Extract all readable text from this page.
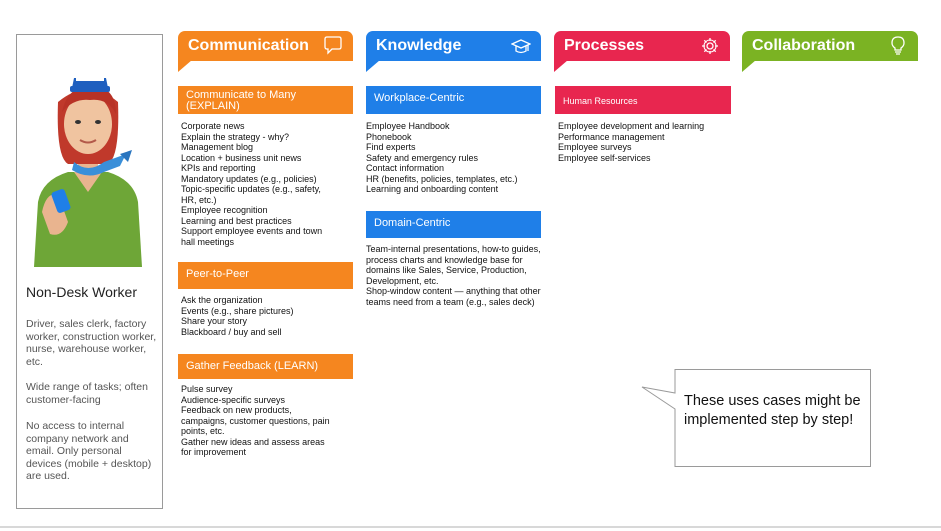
Non-Desk Worker
Driver, sales clerk, factory worker, construction worker, nurse, warehouse worker, etc.
Wide range of tasks; often customer-facing
No access to internal company network and email. Only personal devices (mobile + desktop) are used.
Communication
Communicate to Many (EXPLAIN)
Corporate news
Explain the strategy - why?
Management blog
Location + business unit news
KPIs and reporting
Mandatory updates (e.g., policies)
Topic-specific updates (e.g., safety,
HR, etc.)
Employee recognition
Learning and best practices
Support employee events and town
hall meetings
Peer-to-Peer
Ask the organization
Events (e.g., share pictures)
Share your story
Blackboard / buy and sell
Gather Feedback (LEARN)
Pulse survey
Audience-specific surveys
Feedback on new products,
campaigns, customer questions, pain
points, etc.
Gather new ideas and assess areas
for improvement
Knowledge
Workplace-Centric
Employee Handbook
Phonebook
Find experts
Safety and emergency rules
Contact information
HR (benefits, policies, templates, etc.)
Learning and onboarding content
Domain-Centric
Team-internal presentations, how-to guides,
process charts and knowledge base for
domains like Sales, Service, Production,
Development, etc.
Shop-window content — anything that other
teams need from a team (e.g., sales deck)
Processes
Human Resources
Employee development and learning
Performance management
Employee surveys
Employee self-services
Collaboration
These uses cases might be implemented step by step!
